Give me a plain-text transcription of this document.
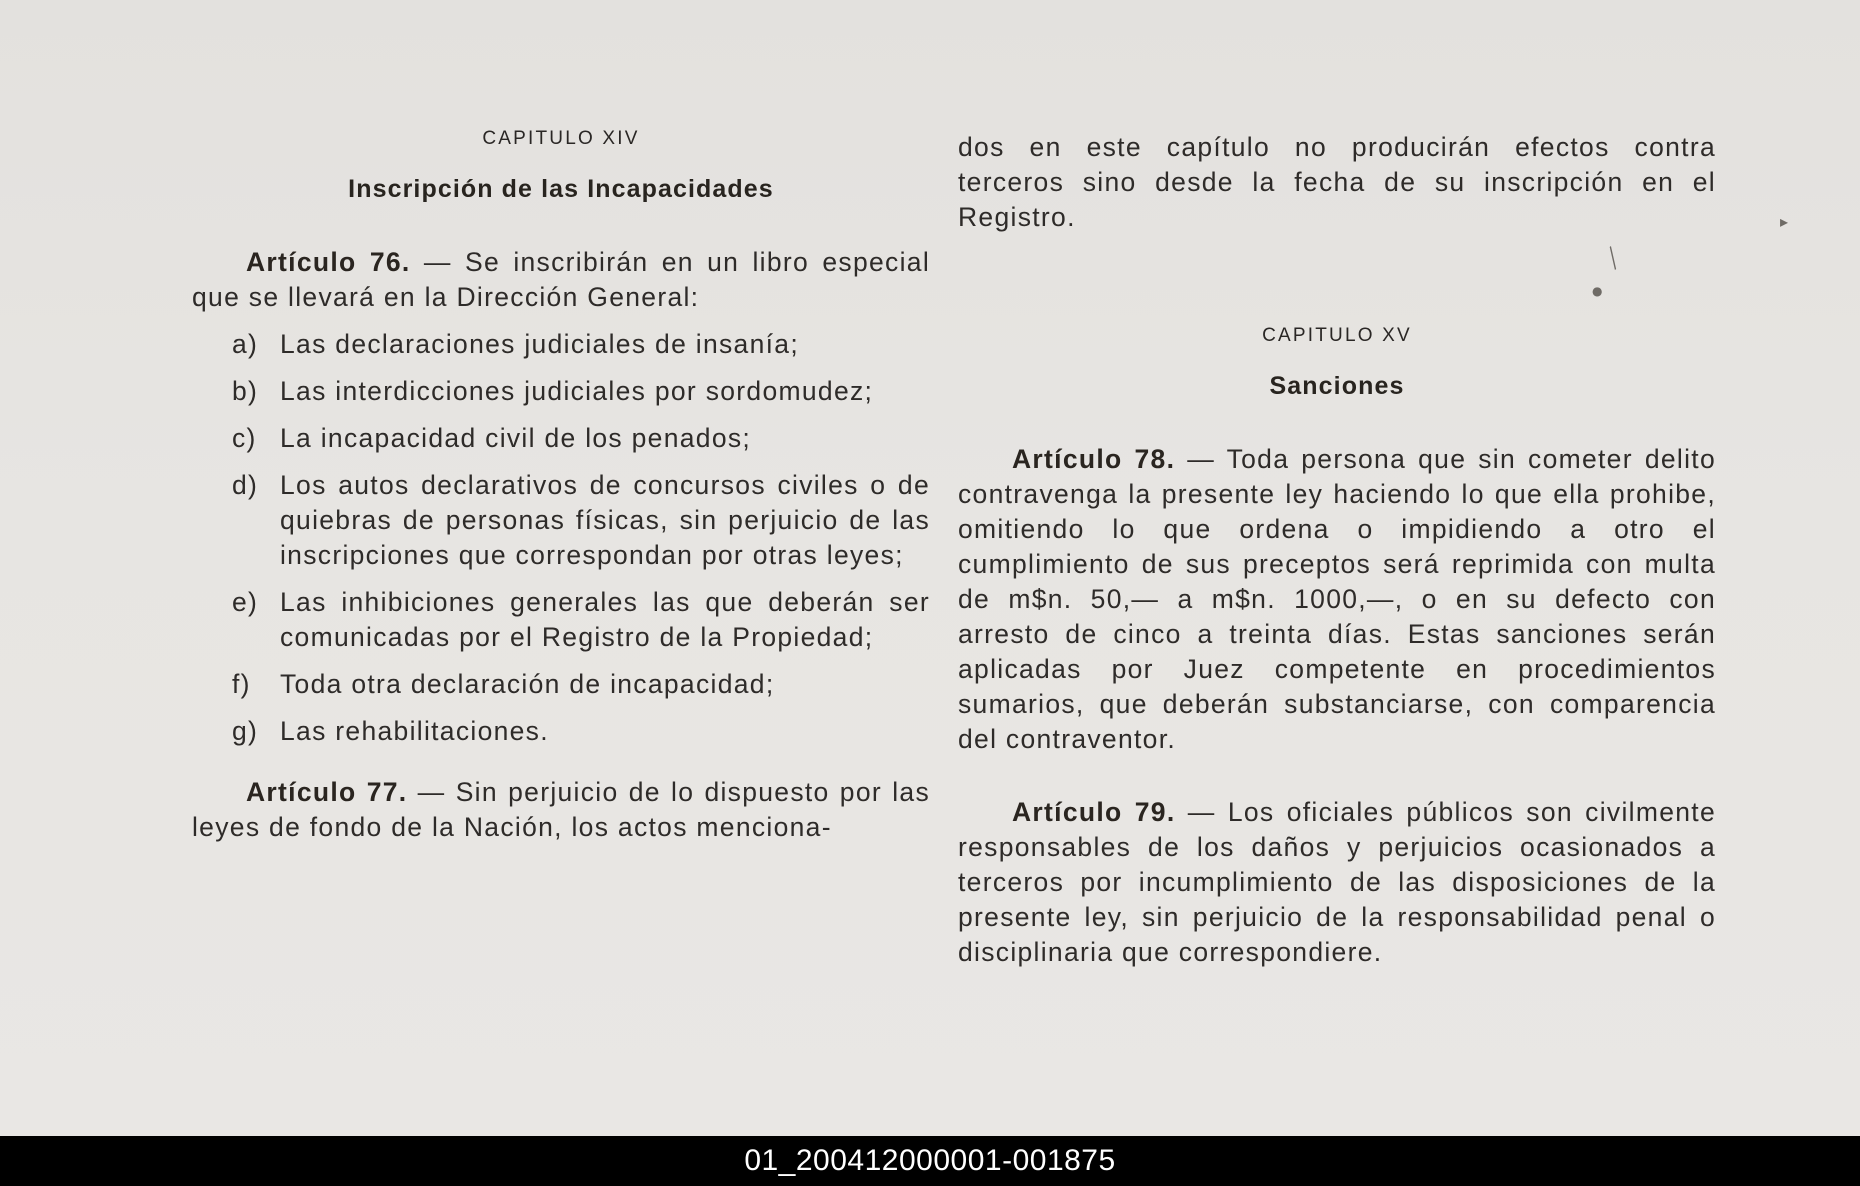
CAPITULO XIV
Inscripción de las Incapacidades

Artículo 76. — Se inscribirán en un libro especial que se llevará en la Dirección General:

a) Las declaraciones judiciales de insanía;
b) Las interdicciones judiciales por sordomudez;
c) La incapacidad civil de los penados;
d) Los autos declarativos de concursos civiles o de quiebras de personas físicas, sin perjuicio de las inscripciones que correspondan por otras leyes;
e) Las inhibiciones generales las que deberán ser comunicadas por el Registro de la Propiedad;
f)	Toda otra declaración de incapacidad;
g) Las rehabilitaciones.

Artículo 77. — Sin perjuicio de lo dispuesto por las leyes de fondo de la Nación, los actos menciona-

dos en este capítulo no producirán efectos contra terceros sino desde la fecha de su inscripción en el Registro.

CAPITULO XV
Sanciones

Artículo 78. — Toda persona que sin cometer delito contravenga la presente ley haciendo lo que ella prohibe, omitiendo lo que ordena o impidiendo a otro el cumplimiento de sus preceptos será reprimida con multa de m$n. 50,— a m$n. 1000,—, o en su defecto con arresto de cinco a treinta días. Estas sanciones serán aplicadas por Juez competente en procedimientos sumarios, que deberán substanciarse, con comparencia del contraventor.

Artículo 79. — Los oficiales públicos son civilmente responsables de los daños y perjuicios ocasionados a terceros por incumplimiento de las disposiciones de la presente ley, sin perjuicio de la responsabilidad penal o disciplinaria que correspondiere.

▸
╱
●
01_200412000001-001875
